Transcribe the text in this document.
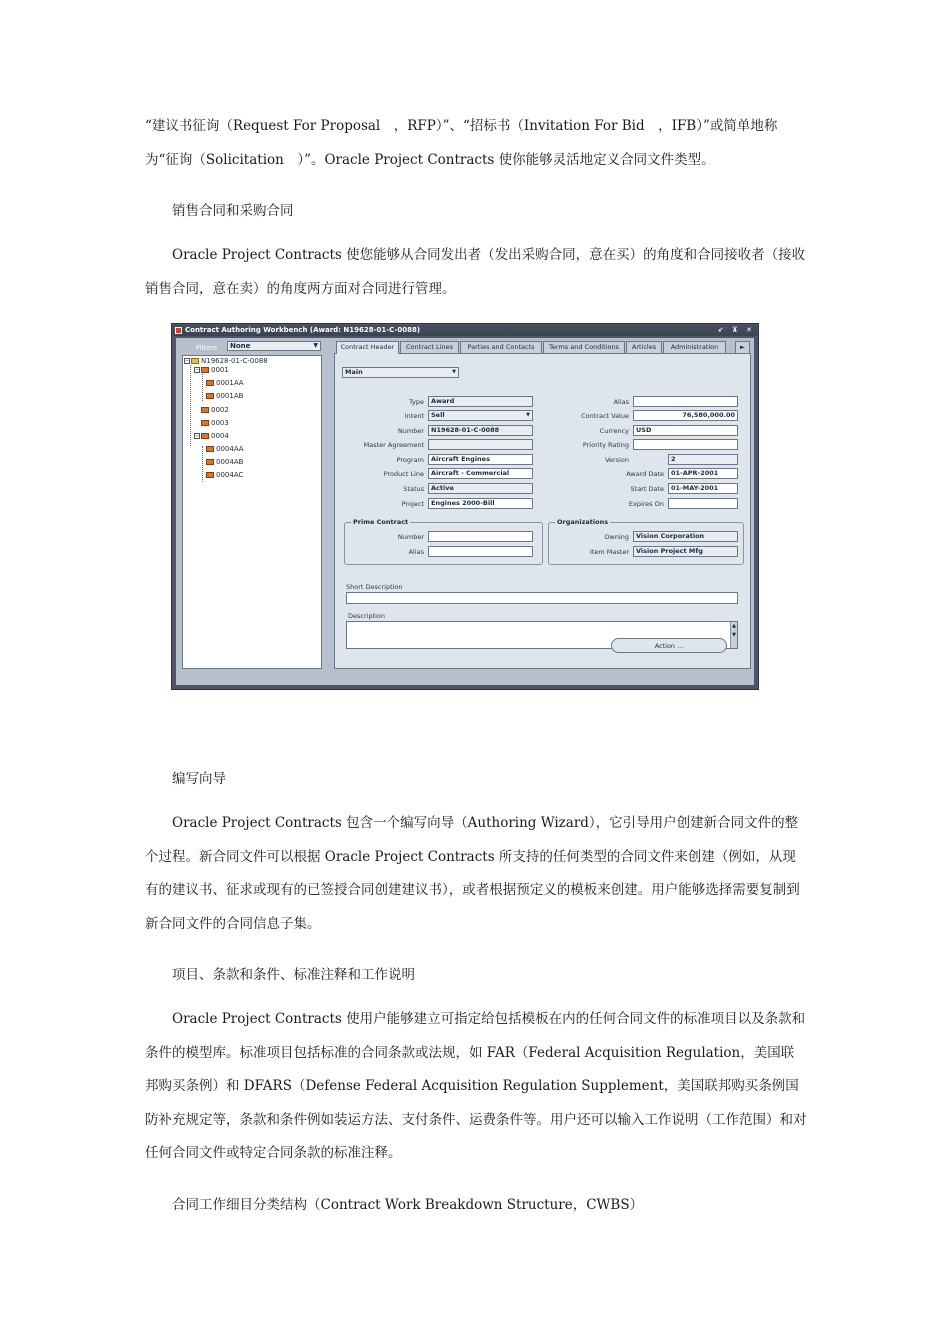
“建议书征询（Request For Proposal　，RFP）”、“招标书（Invitation For Bid　，IFB）”或简单地称为“征询（Solicitation　）”。Oracle Project Contracts 使你能够灵活地定义合同文件类型。

销售合同和采购合同

Oracle Project Contracts 使您能够从合同发出者（发出采购合同，意在买）的角度和合同接收者（接收销售合同，意在卖）的角度两方面对合同进行管理。

Contract Authoring Workbench (Award: N19628-01-C-0088)	↙ ⊼ ✕
Filters	None	▼
− N19628-01-C-0088
− 0001
0001AA
0001AB
0002
0003
− 0004
0004AA
0004AB
0004AC
Contract Header	Contract Lines	Parties and Contacts	Terms and Conditions	Articles	Administration	►
Main	▼
Type	Award
Intent	Sell	▼
Number	N19628-01-C-0088
Master Agreement
Program	Aircraft Engines
Product Line	Aircraft - Commercial
Status	Active
Project	Engines 2000-Bill
Alias
Contract Value	76,580,000.00
Currency	USD
Priority Rating
Version	2
Award Date	01-APR-2001
Start Date	01-MAY-2001
Expires On
Prime Contract
Number
Alias
Organizations
Owning	Vision Corporation
Item Master	Vision Project Mfg
Short Description
Description
▲
▼
Action ...

编写向导

Oracle Project Contracts 包含一个编写向导（Authoring Wizard），它引导用户创建新合同文件的整个过程。新合同文件可以根据 Oracle Project Contracts 所支持的任何类型的合同文件来创建（例如，从现有的建议书、征求或现有的已签授合同创建建议书），或者根据预定义的模板来创建。用户能够选择需要复制到新合同文件的合同信息子集。

项目、条款和条件、标准注释和工作说明

Oracle Project Contracts 使用户能够建立可指定给包括模板在内的任何合同文件的标准项目以及条款和条件的模型库。标准项目包括标准的合同条款或法规，如 FAR（Federal Acquisition Regulation，美国联邦购买条例）和 DFARS（Defense Federal Acquisition Regulation Supplement，美国联邦购买条例国防补充规定等，条款和条件例如装运方法、支付条件、运费条件等。用户还可以输入工作说明（工作范围）和对任何合同文件或特定合同条款的标准注释。

合同工作细目分类结构（Contract Work Breakdown Structure，CWBS）
